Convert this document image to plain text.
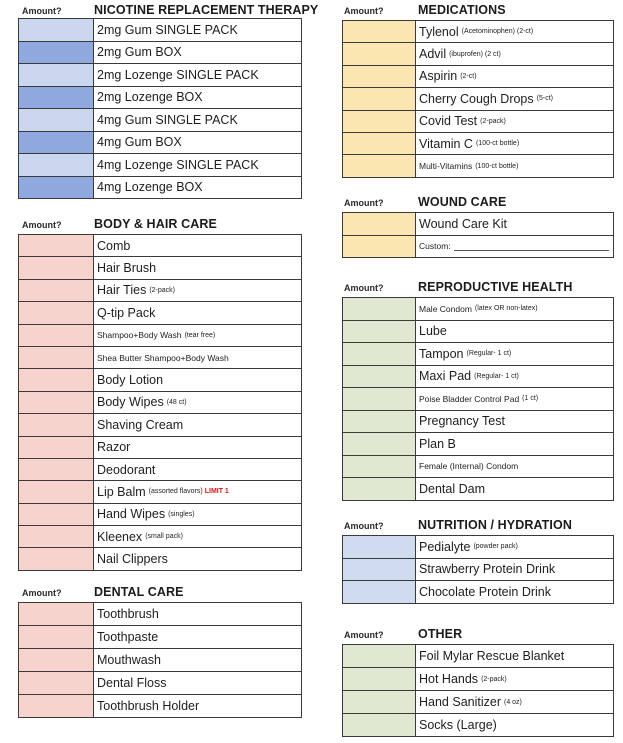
Amount?	NICOTINE REPLACEMENT THERAPY
2mg Gum SINGLE PACK
2mg Gum BOX
2mg Lozenge SINGLE PACK
2mg Lozenge BOX
4mg Gum SINGLE PACK
4mg Gum BOX
4mg Lozenge SINGLE PACK
4mg Lozenge BOX
Amount?	BODY & HAIR CARE
Comb
Hair Brush
Hair Ties (2-pack)
Q-tip Pack
Shampoo+Body Wash (tear free)
Shea Butter Shampoo+Body Wash
Body Lotion
Body Wipes (48 ct)
Shaving Cream
Razor
Deodorant
Lip Balm (assorted flavors) LIMIT 1
Hand Wipes (singles)
Kleenex (small pack)
Nail Clippers
Amount?	DENTAL CARE
Toothbrush
Toothpaste
Mouthwash
Dental Floss
Toothbrush Holder
Amount?	MEDICATIONS
Tylenol (Acetominophen) (2-ct)
Advil (ibuprofen) (2 ct)
Aspirin (2-ct)
Cherry Cough Drops (5-ct)
Covid Test (2-pack)
Vitamin C (100-ct bottle)
Multi-Vitamins (100-ct bottle)
Amount?	WOUND CARE
Wound Care Kit
Custom:
Amount?	REPRODUCTIVE HEALTH
Male Condom (latex OR non-latex)
Lube
Tampon (Regular- 1 ct)
Maxi Pad (Regular- 1 ct)
Poise Bladder Control Pad (1 ct)
Pregnancy Test
Plan B
Female (Internal) Condom
Dental Dam
Amount?	NUTRITION / HYDRATION
Pedialyte (powder pack)
Strawberry Protein Drink
Chocolate Protein Drink
Amount?	OTHER
Foil Mylar Rescue Blanket
Hot Hands (2-pack)
Hand Sanitizer (4 oz)
Socks (Large)
